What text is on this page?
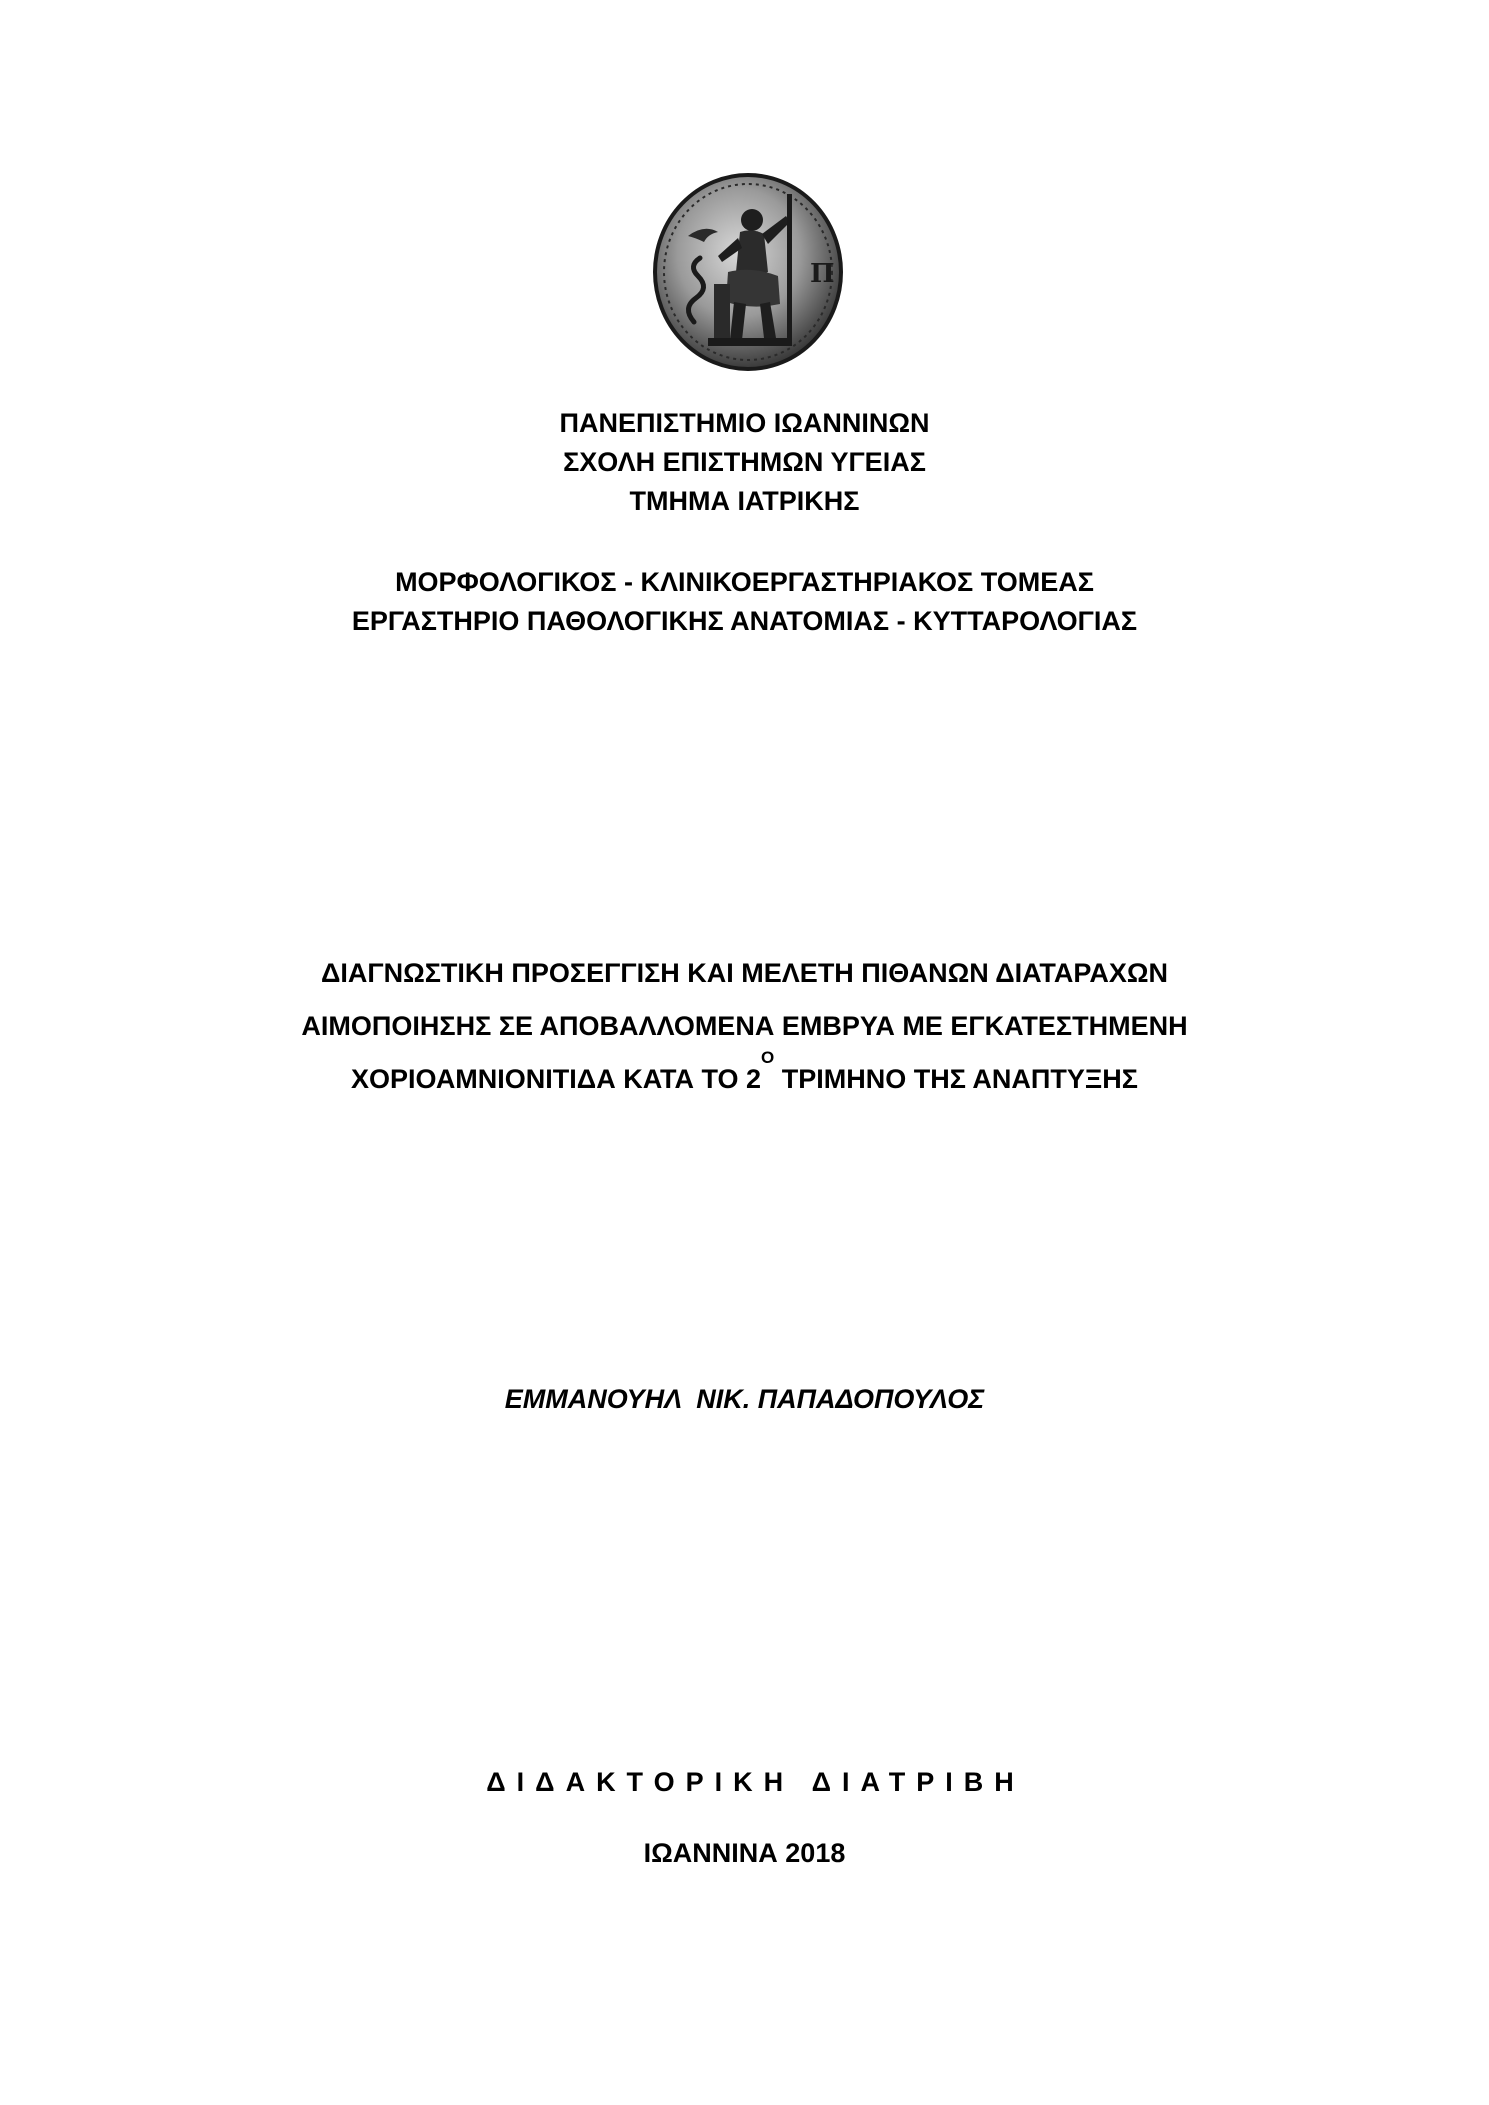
Π
ΠΑΝΕΠΙΣΤΗΜΙΟ ΙΩΑΝΝΙΝΩΝ
ΣΧΟΛΗ ΕΠΙΣΤΗΜΩΝ ΥΓΕΙΑΣ
ΤΜΗΜΑ ΙΑΤΡΙΚΗΣ
ΜΟΡΦΟΛΟΓΙΚΟΣ - ΚΛΙΝΙΚΟΕΡΓΑΣΤΗΡΙΑΚΟΣ ΤΟΜΕΑΣ
ΕΡΓΑΣΤΗΡΙΟ ΠΑΘΟΛΟΓΙΚΗΣ ΑΝΑΤΟΜΙΑΣ - ΚΥΤΤΑΡΟΛΟΓΙΑΣ
ΔΙΑΓΝΩΣΤΙΚΗ ΠΡΟΣΕΓΓΙΣΗ ΚΑΙ ΜΕΛΕΤΗ ΠΙΘΑΝΩΝ ΔΙΑΤΑΡΑΧΩΝ
ΑΙΜΟΠΟΙΗΣΗΣ ΣΕ ΑΠΟΒΑΛΛΟΜΕΝΑ ΕΜΒΡΥΑ ΜΕ ΕΓΚΑΤΕΣΤΗΜΕΝΗ
ΧΟΡΙΟΑΜΝΙΟΝΙΤΙΔΑ ΚΑΤΑ ΤΟ $2^O$ ΤΡΙΜΗΝΟ ΤΗΣ ΑΝΑΠΤΥΞΗΣ
ΕΜΜΑΝΟΥΗΛ  ΝΙΚ. ΠΑΠΑΔΟΠΟΥΛΟΣ
ΔΙΔΑΚΤΟΡΙΚΗ ΔΙΑΤΡΙΒΗ
ΙΩΑΝΝΙΝΑ 2018
